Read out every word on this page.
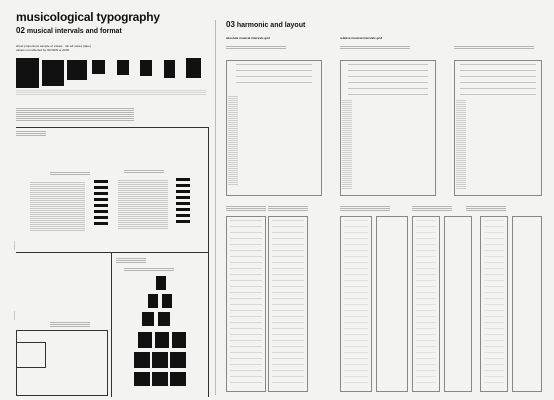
musicological typography
02 musical intervals and format
03 harmonic and layout
sheet proportions sample of values · din a4 series (tape)
values not reflected by ISO/DIN or ANSI
———
———
absolute musical intervals grid	relative musical intervals grid
